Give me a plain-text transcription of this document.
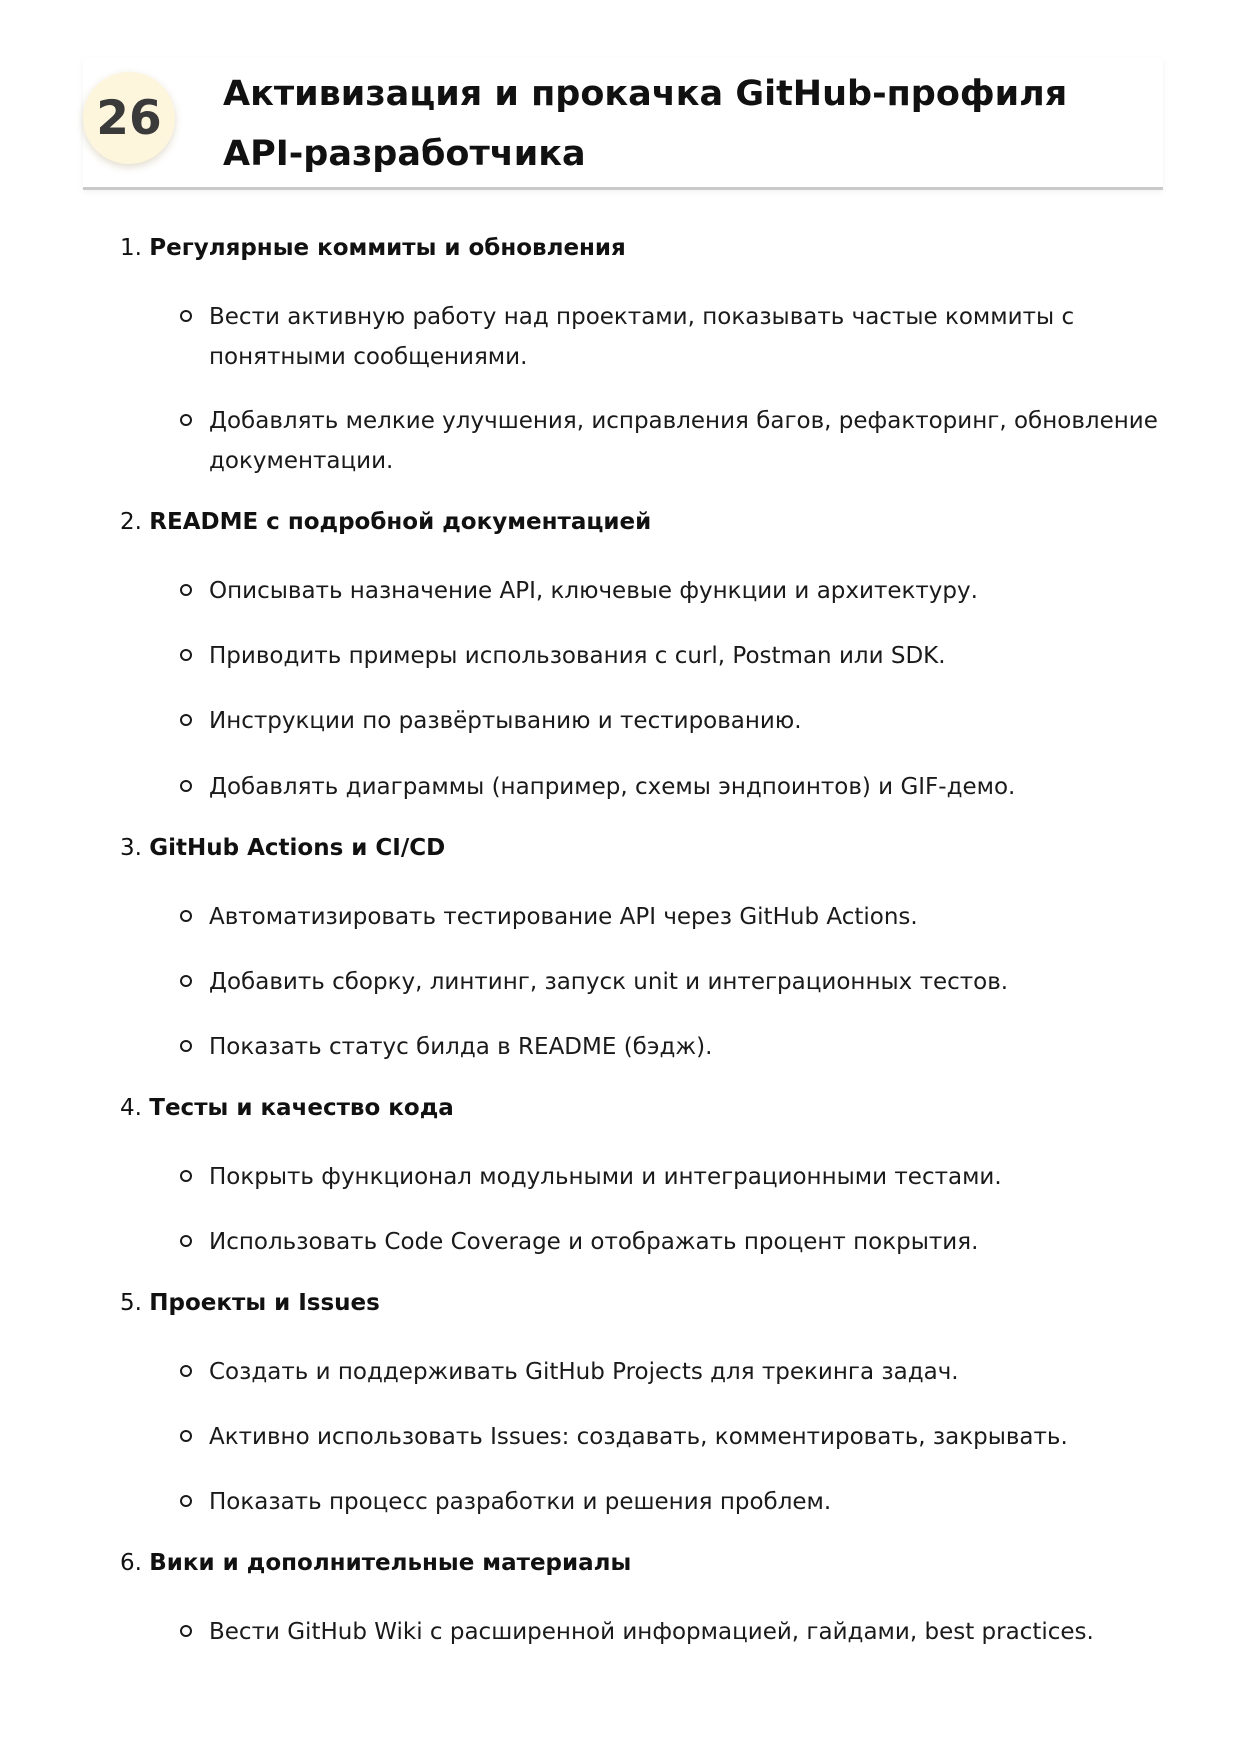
26	Активизация и прокачка GitHub-профиля API-разработчика
1. Регулярные коммиты и обновления
Вести активную работу над проектами, показывать частые коммиты с понятными сообщениями.
Добавлять мелкие улучшения, исправления багов, рефакторинг, обновление документации.
2. README с подробной документацией
Описывать назначение API, ключевые функции и архитектуру.
Приводить примеры использования с curl, Postman или SDK.
Инструкции по развёртыванию и тестированию.
Добавлять диаграммы (например, схемы эндпоинтов) и GIF-демо.
3. GitHub Actions и CI/CD
Автоматизировать тестирование API через GitHub Actions.
Добавить сборку, линтинг, запуск unit и интеграционных тестов.
Показать статус билда в README (бэдж).
4. Тесты и качество кода
Покрыть функционал модульными и интеграционными тестами.
Использовать Code Coverage и отображать процент покрытия.
5. Проекты и Issues
Создать и поддерживать GitHub Projects для трекинга задач.
Активно использовать Issues: создавать, комментировать, закрывать.
Показать процесс разработки и решения проблем.
6. Вики и дополнительные материалы
Вести GitHub Wiki с расширенной информацией, гайдами, best practices.
